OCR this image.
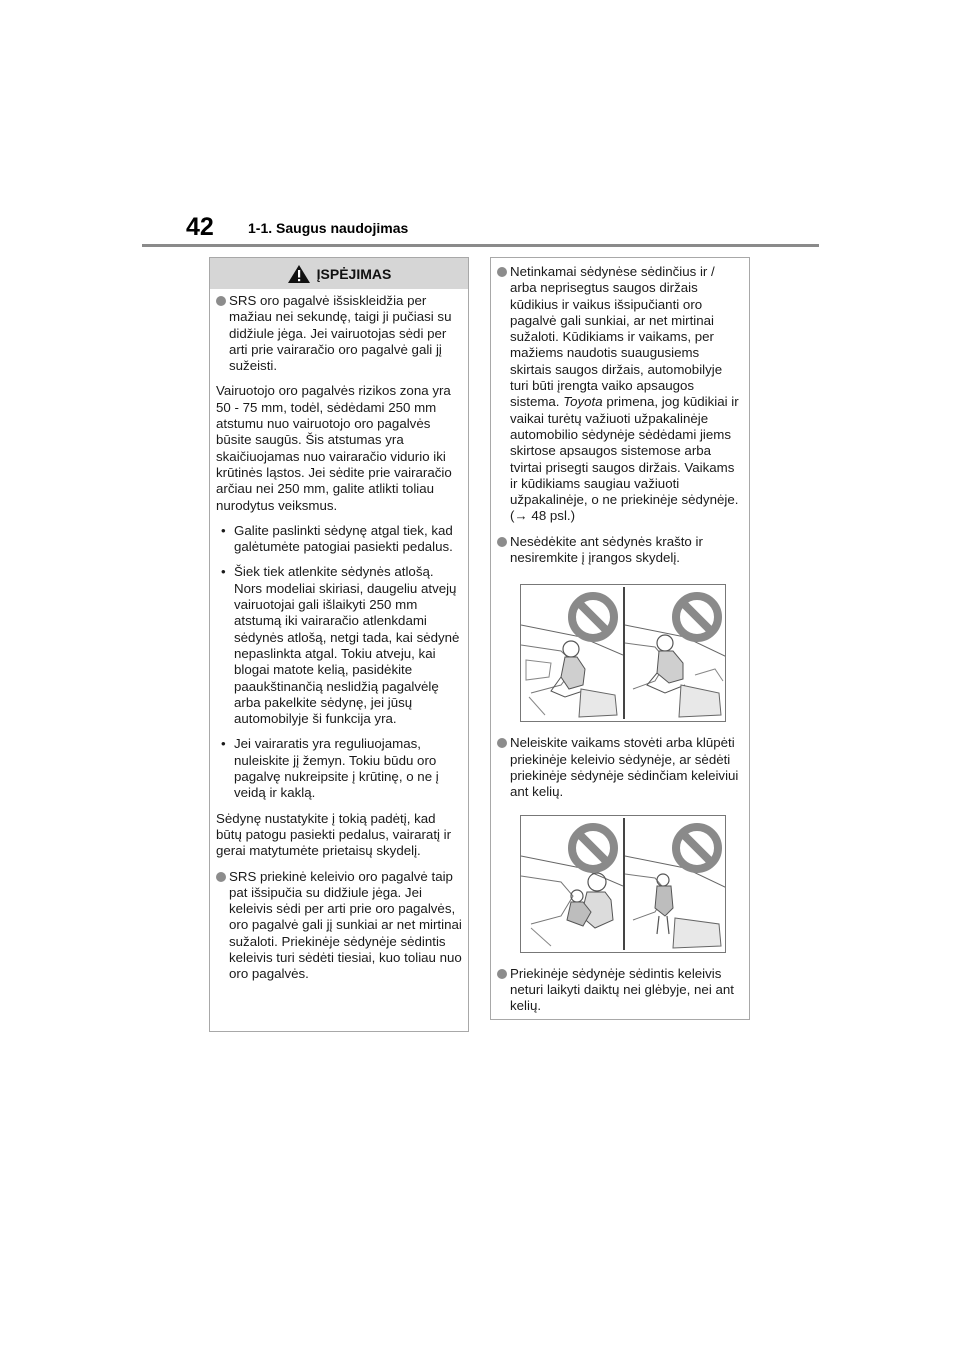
42 1-1. Saugus naudojimas
ĮSPĖJIMAS
SRS oro pagalvė išsiskleidžia per mažiau nei sekundę, taigi ji pučiasi su didžiule jėga. Jei vairuotojas sėdi per arti prie vairaračio oro pagalvė gali jį sužeisti.

Vairuotojo oro pagalvės rizikos zona yra 50 - 75 mm, todėl, sėdėdami 250 mm atstumu nuo vairuotojo oro pagalvės būsite saugūs. Šis atstumas yra skaičiuojamas nuo vairaračio vidurio iki krūtinės ląstos. Jei sėdite prie vairaračio arčiau nei 250 mm, galite atlikti toliau nurodytus veiksmus.

• Galite paslinkti sėdynę atgal tiek, kad galėtumėte patogiai pasiekti pedalus.
• Šiek tiek atlenkite sėdynės atlošą. Nors modeliai skiriasi, daugeliu atvejų vairuotojai gali išlaikyti 250 mm atstumą iki vairaračio atlenkdami sėdynės atlošą, netgi tada, kai sėdynė nepaslinkta atgal. Tokiu atveju, kai blogai matote kelią, pasidėkite paaukštinančią neslidžią pagalvėlę arba pakelkite sėdynę, jei jūsų automobilyje ši funkcija yra.
• Jei vairaratis yra reguliuojamas, nuleiskite jį žemyn. Tokiu būdu oro pagalvę nukreipsite į krūtinę, o ne į veidą ir kaklą.

Sėdynę nustatykite į tokią padėtį, kad būtų patogu pasiekti pedalus, vairaratį ir gerai matytumėte prietaisų skydelį.

SRS priekinė keleivio oro pagalvė taip pat išsipučia su didžiule jėga. Jei keleivis sėdi per arti prie oro pagalvės, oro pagalvė gali jį sunkiai ar net mirtinai sužaloti. Priekinėje sėdynėje sėdintis keleivis turi sėdėti tiesiai, kuo toliau nuo oro pagalvės.
Netinkamai sėdynėse sėdinčius ir / arba neprisegtus saugos diržais kūdikius ir vaikus išsipučianti oro pagalvė gali sunkiai, ar net mirtinai sužaloti. Kūdikiams ir vaikams, per mažiems naudotis suaugusiems skirtais saugos diržais, automobilyje turi būti įrengta vaiko apsaugos sistema. Toyota primena, jog kūdikiai ir vaikai turėtų važiuoti užpakalinėje automobilio sėdynėje sėdėdami jiems skirtose apsaugos sistemose arba tvirtai prisegti saugos diržais. Vaikams ir kūdikiams saugiau važiuoti užpakalinėje, o ne priekinėje sėdynėje. (→ 48 psl.)
Nesėdėkite ant sėdynės krašto ir nesiremkite į įrangos skydelį.
Neleiskite vaikams stovėti arba klūpėti priekinėje keleivio sėdynėje, ar sėdėti priekinėje sėdynėje sėdinčiam keleiviui ant kelių.
Priekinėje sėdynėje sėdintis keleivis neturi laikyti daiktų nei glėbyje, nei ant kelių.
